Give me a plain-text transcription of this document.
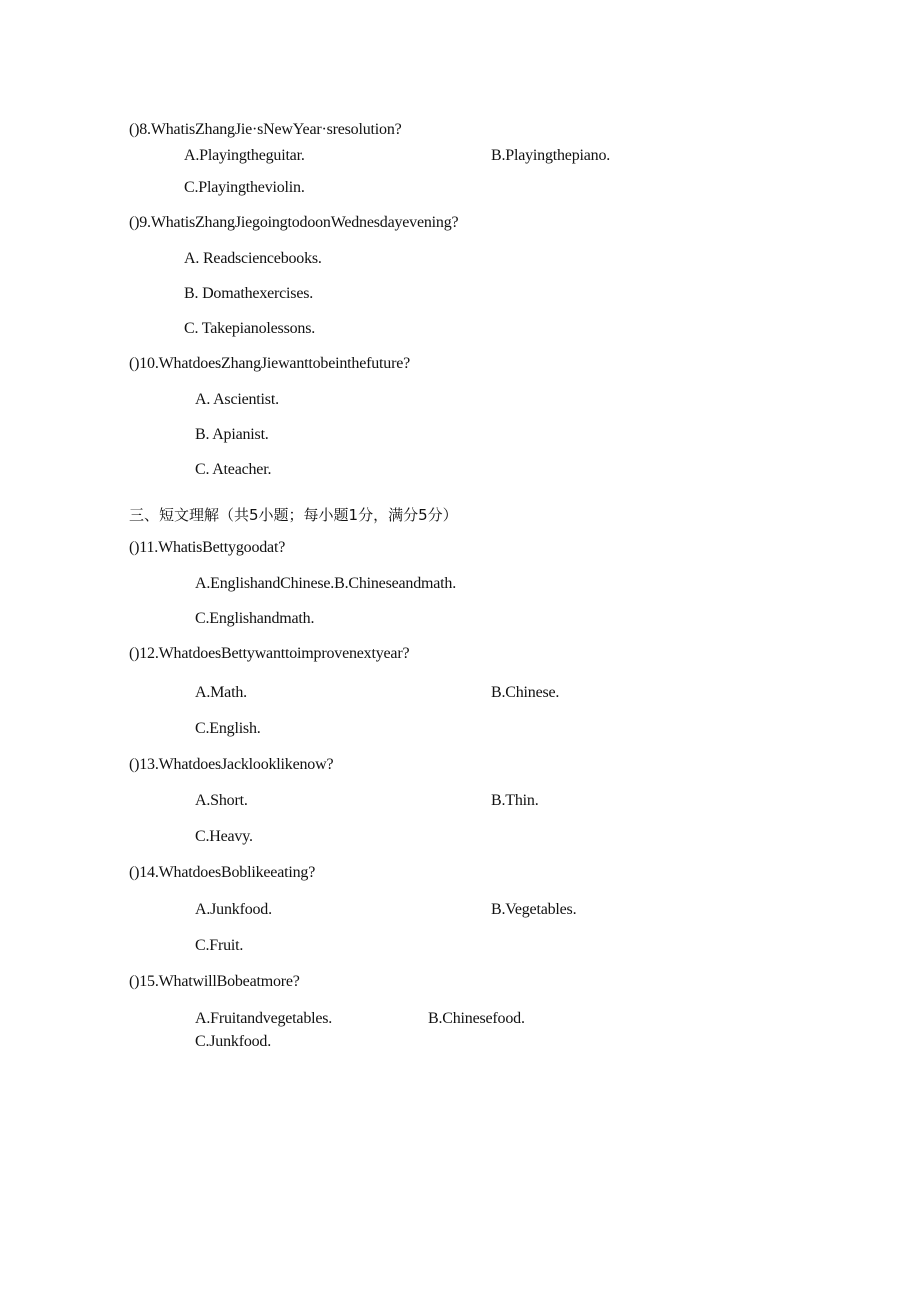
()8.WhatisZhangJie·sNewYear·sresolution?
A.Playingtheguitar.	B.Playingthepiano.
C.Playingtheviolin.
()9.WhatisZhangJiegoingtodoonWednesdayevening?
A. Readsciencebooks.
B. Domathexercises.
C. Takepianolessons.
()10.WhatdoesZhangJiewanttobeinthefuture?
A. Ascientist.
B. Apianist.
C. Ateacher.
三、短文理解（共5小题；每小题1分，满分5分）
()11.WhatisBettygoodat?
A.EnglishandChinese.B.Chineseandmath.
C.Englishandmath.
()12.WhatdoesBettywanttoimprovenextyear?
A.Math.	B.Chinese.
C.English.
()13.WhatdoesJacklooklikenow?
A.Short.	B.Thin.
C.Heavy.
()14.WhatdoesBoblikeeating?
A.Junkfood.	B.Vegetables.
C.Fruit.
()15.WhatwillBobeatmore?
A.Fruitandvegetables.	B.Chinesefood.
C.Junkfood.
